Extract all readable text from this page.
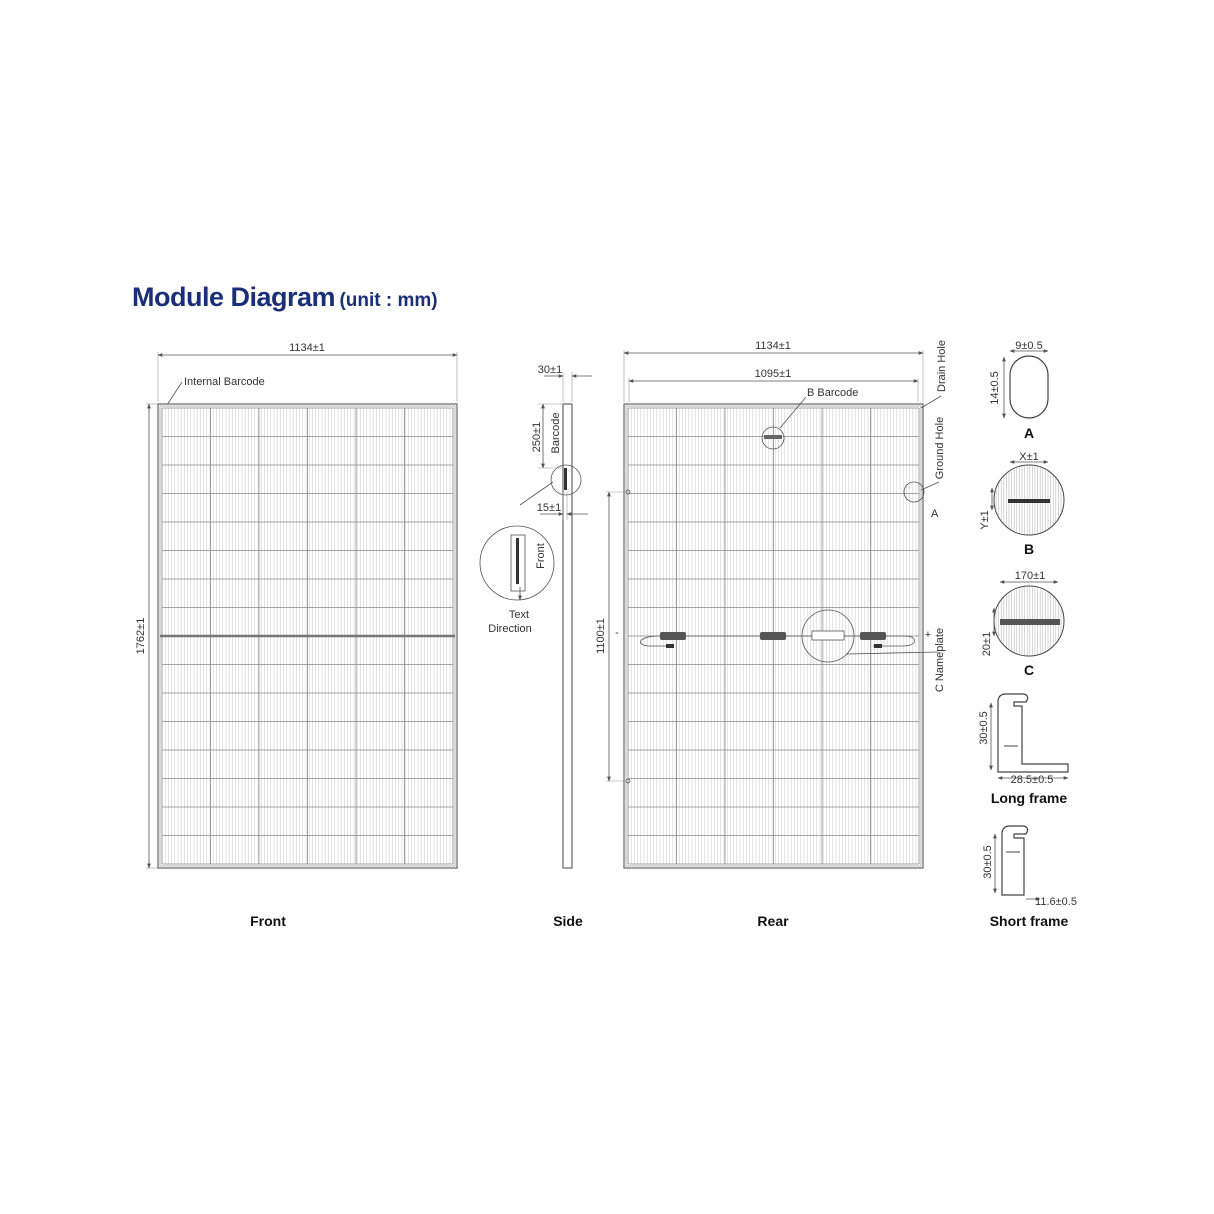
Module Diagram (unit : mm)
1134±1
Internal Barcode
1762±1
Front
30±1
250±1 Barcode
15±1
Front
Text
Direction
Side
1134±1
1095±1
B Barcode
Drain Hole
Ground Hole
A
1100±1 -	+ C Nameplate
Rear
9±0.5
14±0.5
A
X±1
Y±1
B
170±1
20±1
C
30±0.5
28.5±0.5
Long frame
30±0.5
11.6±0.5
Short frame
